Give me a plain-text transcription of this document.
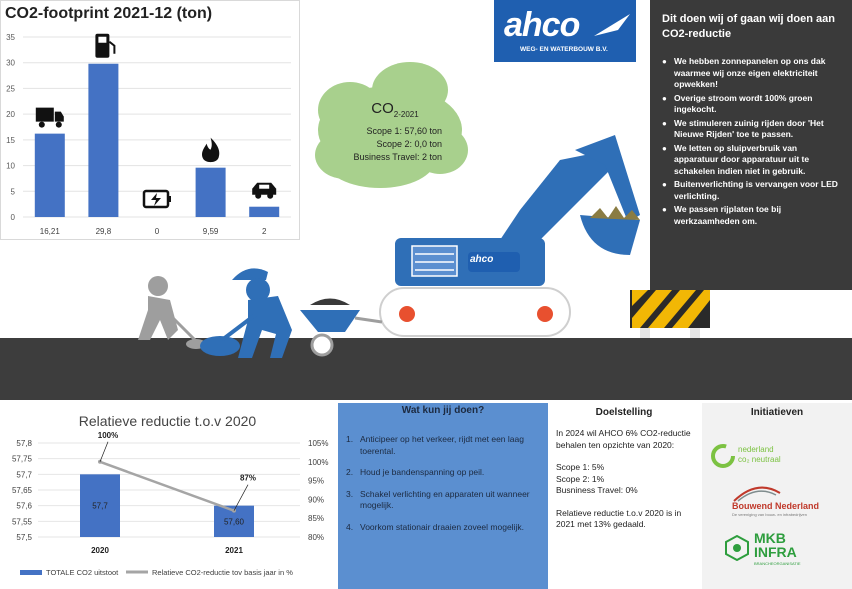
CO2-footprint 2021-12 (ton)
0
5
10
15
20
25
30
35
16,21	29,8	0	9,59	2
ahco
WEG- EN WATERBOUW B.V.
$CO_{2-2021}$
Scope 1: 57,60 ton
Scope 2: 0,0 ton
Business Travel: 2 ton
ahco
Dit doen wij of gaan wij doen aan CO2-reductie
● We hebben zonnepanelen op ons dak waarmee wij onze eigen elektriciteit opwekken!
● Overige stroom wordt 100% groen ingekocht.
● We stimuleren zuinig rijden door 'Het Nieuwe Rijden' toe te passen.
● We letten op sluipverbruik van apparatuur door apparatuur uit te schakelen indien niet in gebruik.
● Buitenverlichting is vervangen voor LED verlichting.
● We passen rijplaten toe bij werkzaamheden om.
Relatieve reductie t.o.v 2020
57,5
57,55
57,6
57,65
57,7
57,75
57,8
80%
85%
90%
95%
100%
105%
57,7
2020
57,60
2021
100%
87%
TOTALE CO2 uitstoot	Relatieve CO2-reductie tov basis jaar in %
Wat kun jij doen?
1. Anticipeer op het verkeer, rijdt met een laag toerental.
2. Houd je bandenspanning op peil.
3. Schakel verlichting en apparaten uit wanneer mogelijk.
4. Voorkom stationair draaien zoveel mogelijk.
Doelstelling
In 2024 wil AHCO 6% CO2-reductie behalen ten opzichte van 2020:
Scope 1: 5%
Scope 2: 1%
Busniness Travel: 0%
Relatieve reductie t.o.v 2020 is in 2021 met 13% gedaald.
Initiatieven
nederland
co₂ neutraal
Bouwend Nederland
De vereniging van bouw- en infrabedrijven
MKB
INFRA
BRANCHEORGANISATIE
